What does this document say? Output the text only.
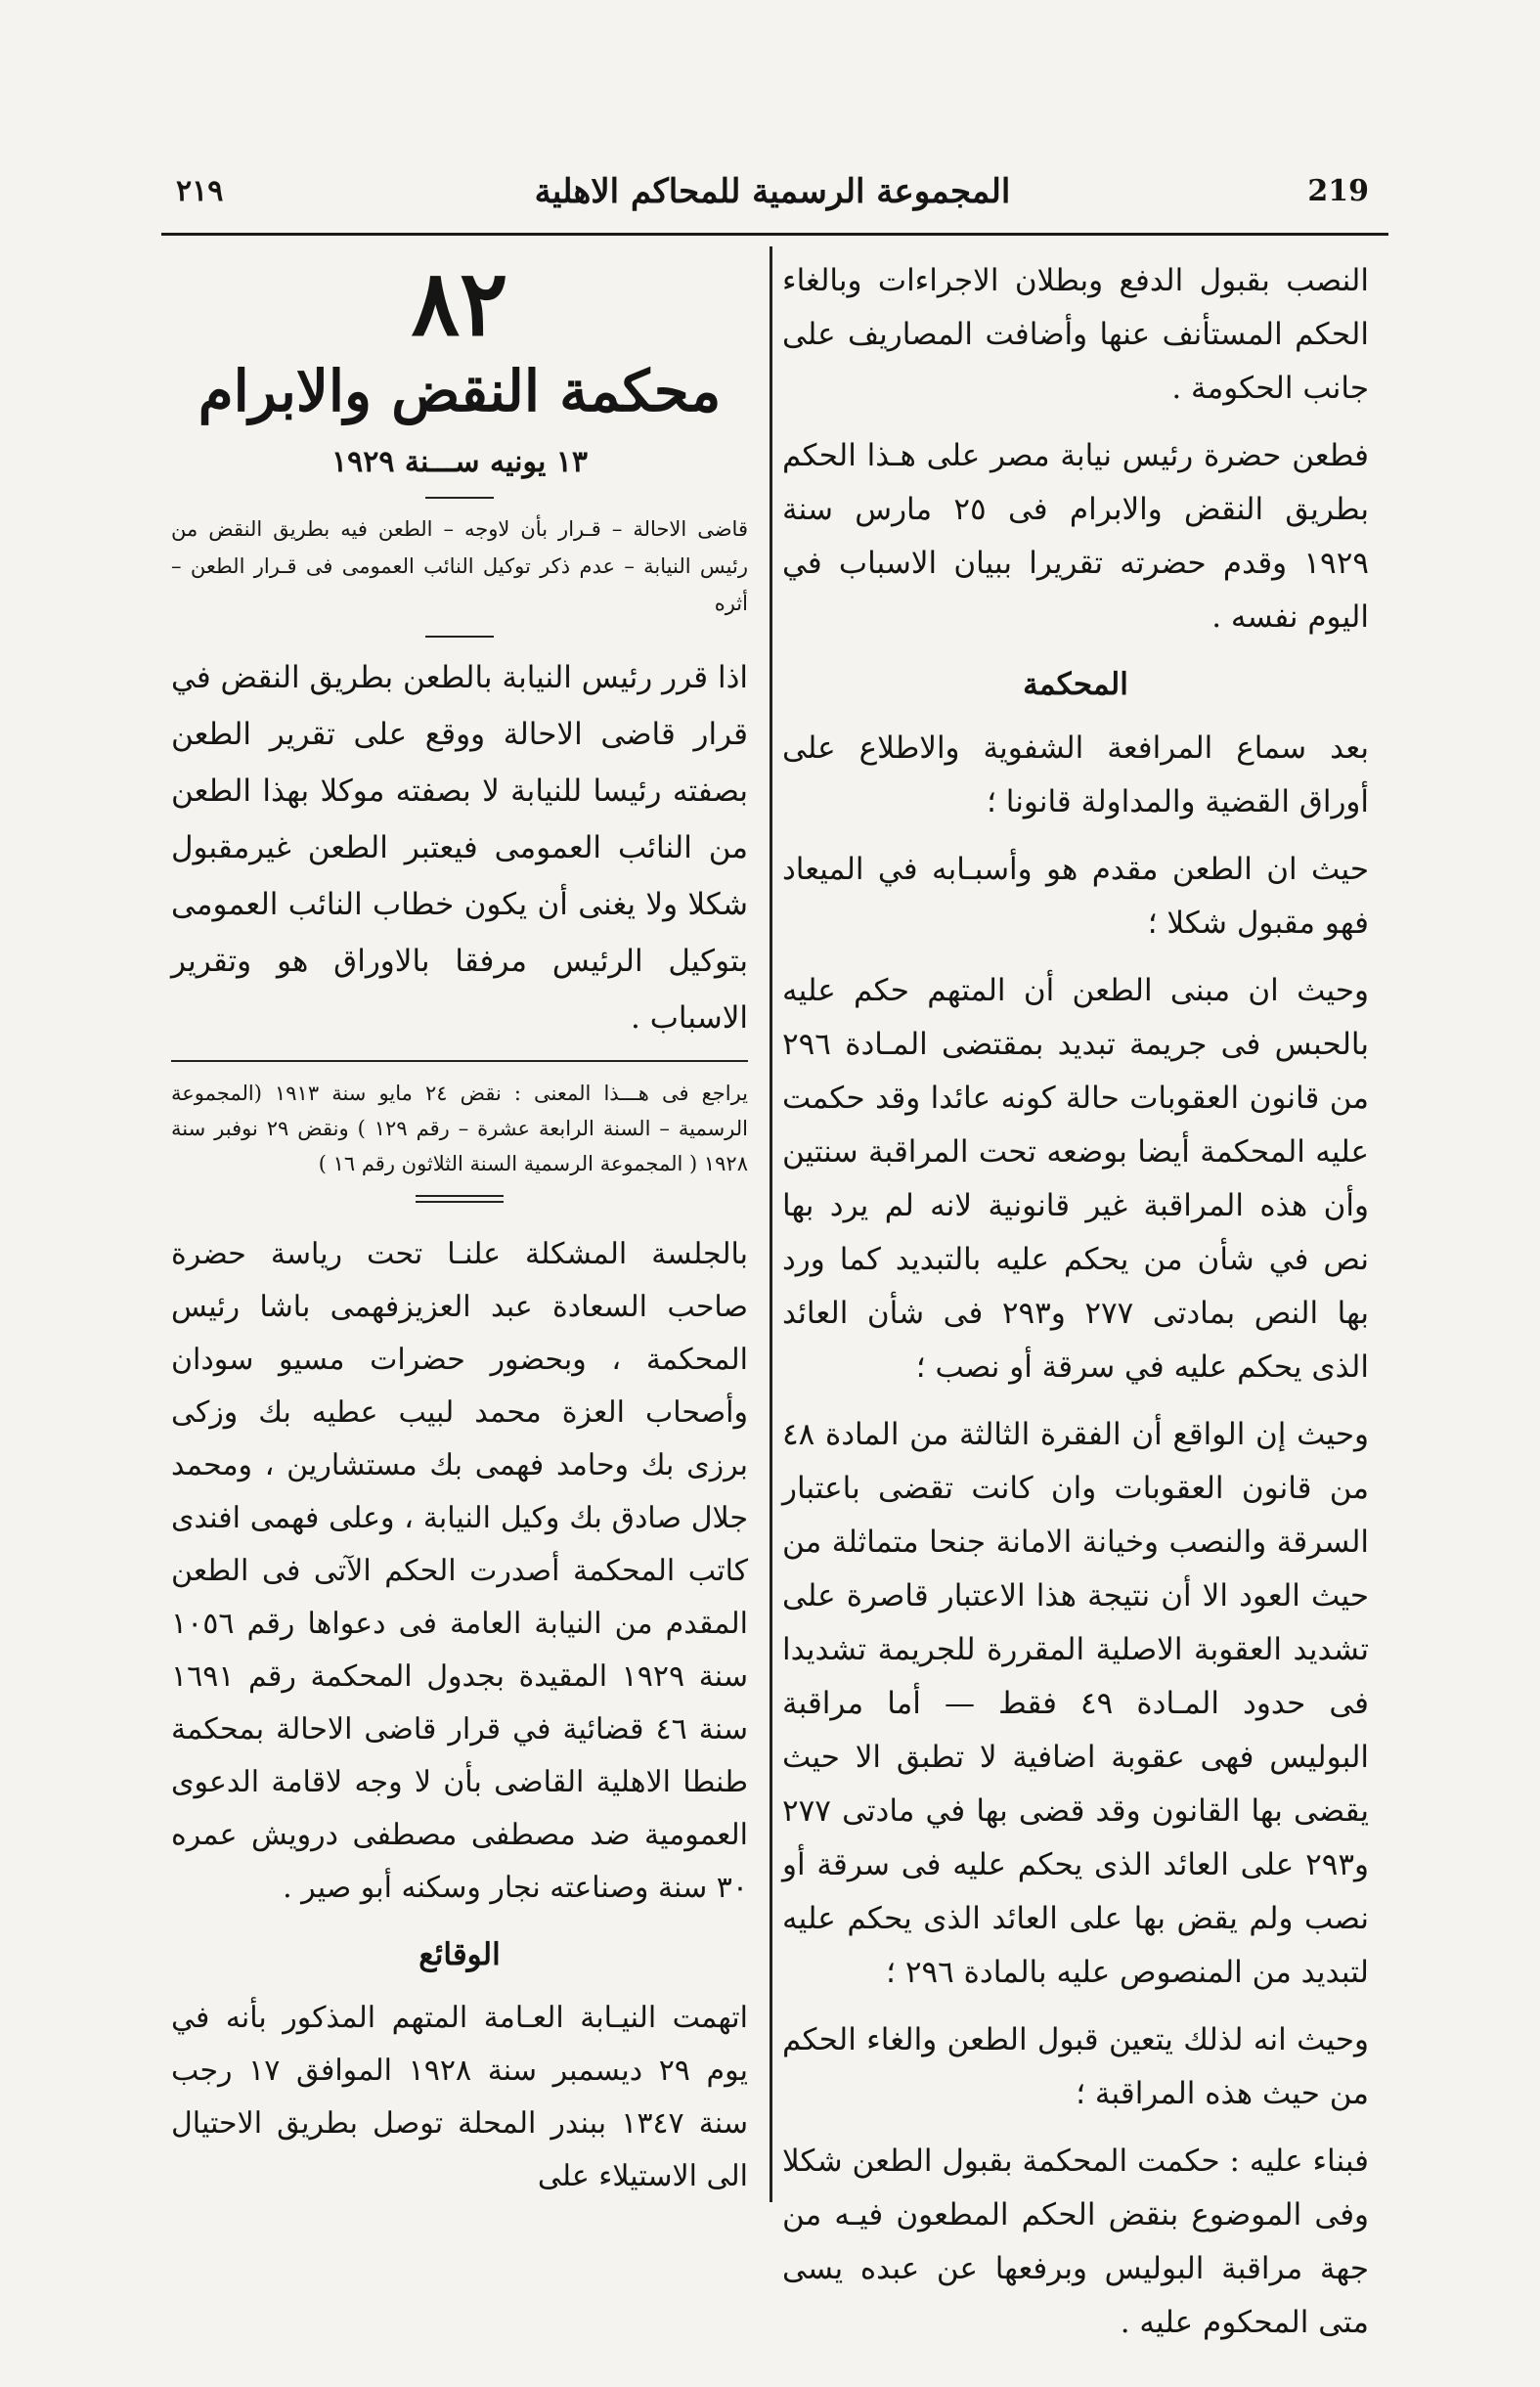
٢١٩	المجموعة الرسمية للمحاكم الاهلية	219

النصب بقبول الدفع وبطلان الاجراءات وبالغاء الحكم المستأنف عنها وأضافت المصاريف على جانب الحكومة .

فطعن حضرة رئيس نيابة مصر على هـذا الحكم بطريق النقض والابرام فى ٢٥ مارس سنة ١٩٢٩ وقدم حضرته تقريرا ببيان الاسباب في اليوم نفسه .

المحكمة

بعد سماع المرافعة الشفوية والاطلاع على أوراق القضية والمداولة قانونا ؛

حيث ان الطعن مقدم هو وأسبـابه في الميعاد فهو مقبول شكلا ؛

وحيث ان مبنى الطعن أن المتهم حكم عليه بالحبس فى جريمة تبديد بمقتضى المـادة ٢٩٦ من قانون العقوبات حالة كونه عائدا وقد حكمت عليه المحكمة أيضا بوضعه تحت المراقبة سنتين وأن هذه المراقبة غير قانونية لانه لم يرد بها نص في شأن من يحكم عليه بالتبديد كما ورد بها النص بمادتى ٢٧٧ و٢٩٣ فى شأن العائد الذى يحكم عليه في سرقة أو نصب ؛

وحيث إن الواقع أن الفقرة الثالثة من المادة ٤٨ من قانون العقوبات وان كانت تقضى باعتبار السرقة والنصب وخيانة الامانة جنحا متماثلة من حيث العود الا أن نتيجة هذا الاعتبار قاصرة على تشديد العقوبة الاصلية المقررة للجريمة تشديدا فى حدود المـادة ٤٩ فقط — أما مراقبة البوليس فهى عقوبة اضافية لا تطبق الا حيث يقضى بها القانون وقد قضى بها في مادتى ٢٧٧ و٢٩٣ على العائد الذى يحكم عليه فى سرقة أو نصب ولم يقض بها على العائد الذى يحكم عليه لتبديد من المنصوص عليه بالمادة ٢٩٦ ؛

وحيث انه لذلك يتعين قبول الطعن والغاء الحكم من حيث هذه المراقبة ؛

فبناء عليه : حكمت المحكمة بقبول الطعن شكلا وفى الموضوع بنقض الحكم المطعون فيـه من جهة مراقبة البوليس وبرفعها عن عبده يسى متى المحكوم عليه .

٨٢
محكمة النقض والابرام
١٣ يونيه ســـنة ١٩٢٩

قاضى الاحالة – قـرار بأن لاوجه – الطعن فيه بطريق النقض من رئيس النيابة – عدم ذكر توكيل النائب العمومى فى قـرار الطعن – أثره

اذا قرر رئيس النيابة بالطعن بطريق النقض في قرار قاضى الاحالة ووقع على تقرير الطعن بصفته رئيسا للنيابة لا بصفته موكلا بهذا الطعن من النائب العمومى فيعتبر الطعن غيرمقبول شكلا ولا يغنى أن يكون خطاب النائب العمومى بتوكيل الرئيس مرفقا بالاوراق هو وتقرير الاسباب .

يراجع فى هـــذا المعنى : نقض ٢٤ مايو سنة ١٩١٣ (المجموعة الرسمية – السنة الرابعة عشرة – رقم ١٢٩ ) ونقض ٢٩ نوفبر سنة ١٩٢٨ ( المجموعة الرسمية السنة الثلاثون رقم ١٦ )

بالجلسة المشكلة علنـا تحت رياسة حضرة صاحب السعادة عبد العزيزفهمى باشا رئيس المحكمة ، وبحضور حضرات مسيو سودان وأصحاب العزة محمد لبيب عطيه بك وزكى برزى بك وحامد فهمى بك مستشارين ، ومحمد جلال صادق بك وكيل النيابة ، وعلى فهمى افندى كاتب المحكمة أصدرت الحكم الآتى فى الطعن المقدم من النيابة العامة فى دعواها رقم ١٠٥٦ سنة ١٩٢٩ المقيدة بجدول المحكمة رقم ١٦٩١ سنة ٤٦ قضائية في قرار قاضى الاحالة بمحكمة طنطا الاهلية القاضى بأن لا وجه لاقامة الدعوى العمومية ضد مصطفى مصطفى درويش عمره ٣٠ سنة وصناعته نجار وسكنه أبو صير .

الوقائع

اتهمت النيـابة العـامة المتهم المذكور بأنه في يوم ٢٩ ديسمبر سنة ١٩٢٨ الموافق ١٧ رجب سنة ١٣٤٧ ببندر المحلة توصل بطريق الاحتيال الى الاستيلاء على
